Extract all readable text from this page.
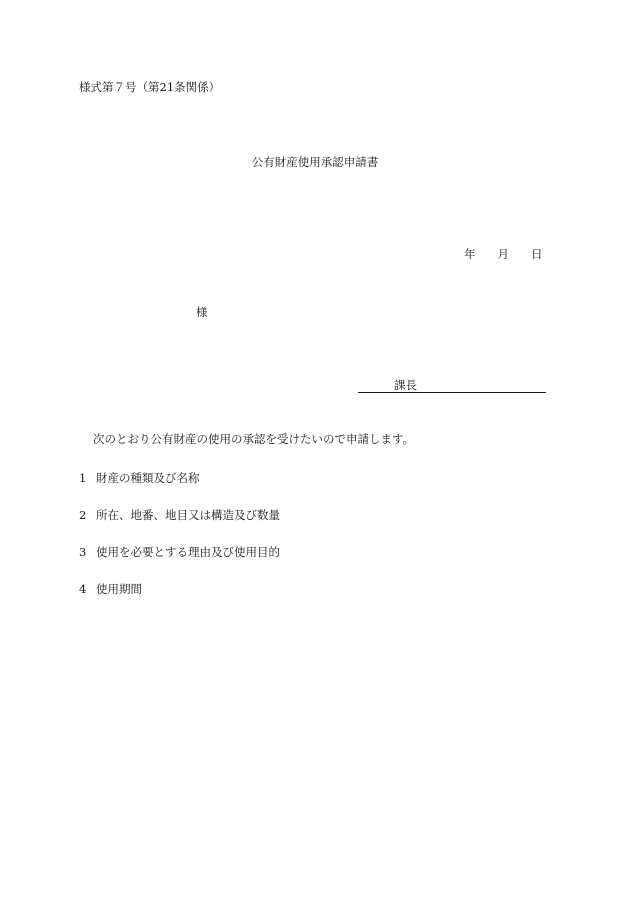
様式第７号（第21条関係）
公有財産使用承認申請書
年 月 日
様
課長
次のとおり公有財産の使用の承認を受けたいので申請します。
1 財産の種類及び名称
2 所在、地番、地目又は構造及び数量
3 使用を必要とする理由及び使用目的
4 使用期間
